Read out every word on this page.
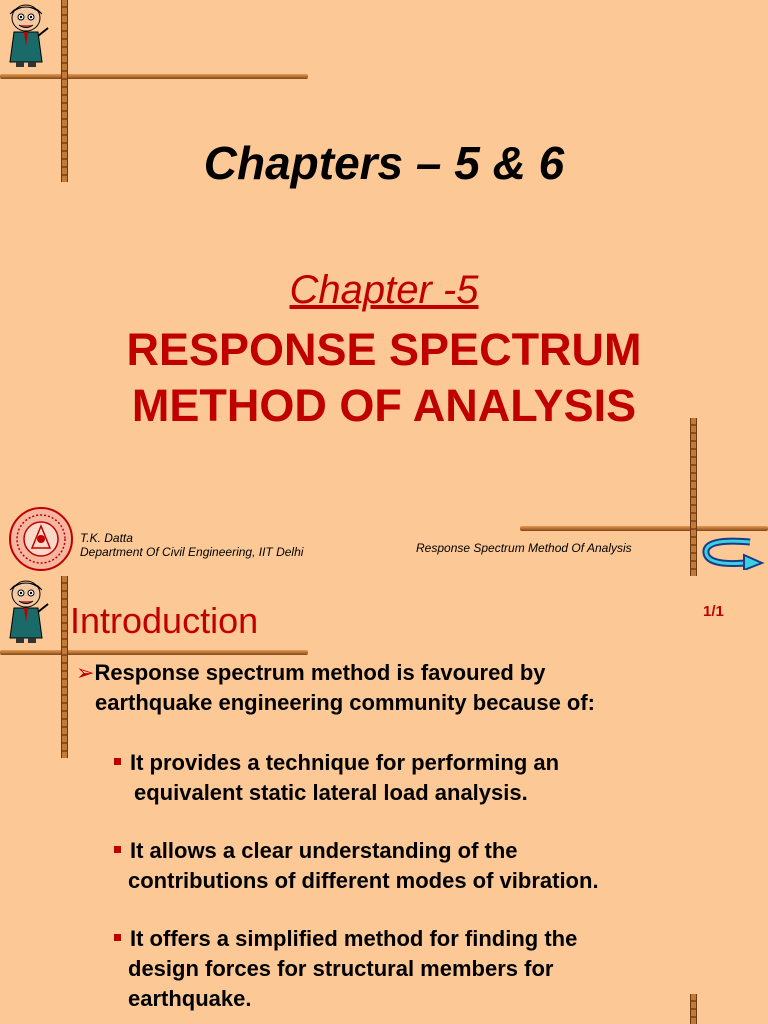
Chapters – 5 & 6
Chapter -5
RESPONSE SPECTRUM
METHOD OF ANALYSIS
T.K. Datta
Department Of Civil Engineering, IIT Delhi	Response Spectrum Method Of Analysis
Introduction	1/1
➢Response spectrum method is favoured by
earthquake engineering community because of:
It provides a technique for performing an
equivalent static lateral load analysis.
It allows a clear understanding of the
contributions of different modes of vibration.
It offers a simplified method for finding the
design forces for structural members for
earthquake.
